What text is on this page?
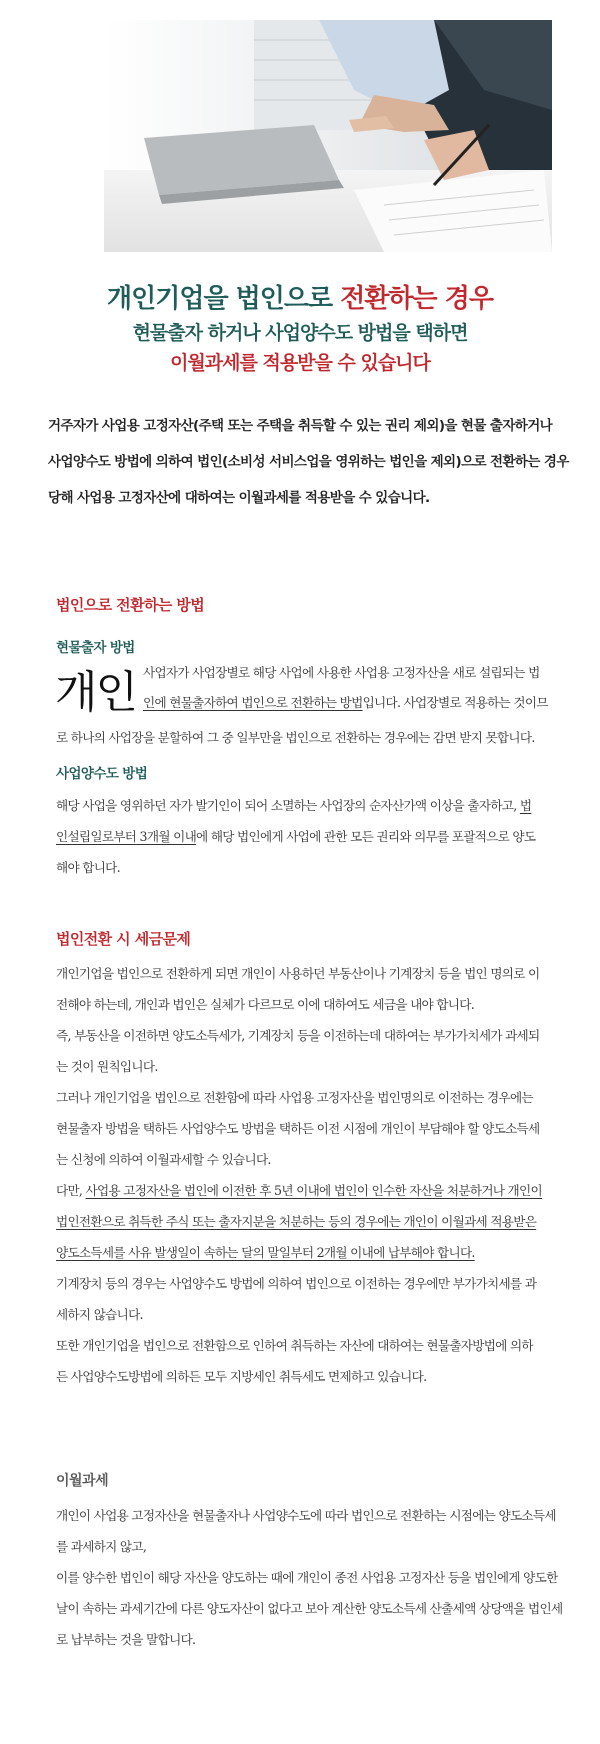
개인기업을 법인으로 전환하는 경우
현물출자 하거나 사업양수도 방법을 택하면
이월과세를 적용받을 수 있습니다
거주자가 사업용 고정자산(주택 또는 주택을 취득할 수 있는 권리 제외)을 현물 출자하거나
사업양수도 방법에 의하여 법인(소비성 서비스업을 영위하는 법인을 제외)으로 전환하는 경우
당해 사업용 고정자산에 대하여는 이월과세를 적용받을 수 있습니다.
법인으로 전환하는 방법
현물출자 방법
개인 사업자가 사업장별로 해당 사업에 사용한 사업용 고정자산을 새로 설립되는 법
인에 현물출자하여 법인으로 전환하는 방법입니다. 사업장별로 적용하는 것이므
로 하나의 사업장을 분할하여 그 중 일부만을 법인으로 전환하는 경우에는 감면 받지 못합니다.
사업양수도 방법
해당 사업을 영위하던 자가 발기인이 되어 소멸하는 사업장의 순자산가액 이상을 출자하고, 법
인설립일로부터 3개월 이내에 해당 법인에게 사업에 관한 모든 권리와 의무를 포괄적으로 양도
해야 합니다.
법인전환 시 세금문제
개인기업을 법인으로 전환하게 되면 개인이 사용하던 부동산이나 기계장치 등을 법인 명의로 이
전해야 하는데, 개인과 법인은 실체가 다르므로 이에 대하여도 세금을 내야 합니다.
즉, 부동산을 이전하면 양도소득세가, 기계장치 등을 이전하는데 대하여는 부가가치세가 과세되
는 것이 원칙입니다.
그러나 개인기업을 법인으로 전환함에 따라 사업용 고정자산을 법인명의로 이전하는 경우에는
현물출자 방법을 택하든 사업양수도 방법을 택하든 이전 시점에 개인이 부담해야 할 양도소득세
는 신청에 의하여 이월과세할 수 있습니다.
다만, 사업용 고정자산을 법인에 이전한 후 5년 이내에 법인이 인수한 자산을 처분하거나 개인이
법인전환으로 취득한 주식 또는 출자지분을 처분하는 등의 경우에는 개인이 이월과세 적용받은
양도소득세를 사유 발생일이 속하는 달의 말일부터 2개월 이내에 납부해야 합니다.
기계장치 등의 경우는 사업양수도 방법에 의하여 법인으로 이전하는 경우에만 부가가치세를 과
세하지 않습니다.
또한 개인기업을 법인으로 전환함으로 인하여 취득하는 자산에 대하여는 현물출자방법에 의하
든 사업양수도방법에 의하든 모두 지방세인 취득세도 면제하고 있습니다.
이월과세
개인이 사업용 고정자산을 현물출자나 사업양수도에 따라 법인으로 전환하는 시점에는 양도소득세
를 과세하지 않고,
이를 양수한 법인이 해당 자산을 양도하는 때에 개인이 종전 사업용 고정자산 등을 법인에게 양도한
날이 속하는 과세기간에 다른 양도자산이 없다고 보아 계산한 양도소득세 산출세액 상당액을 법인세
로 납부하는 것을 말합니다.
